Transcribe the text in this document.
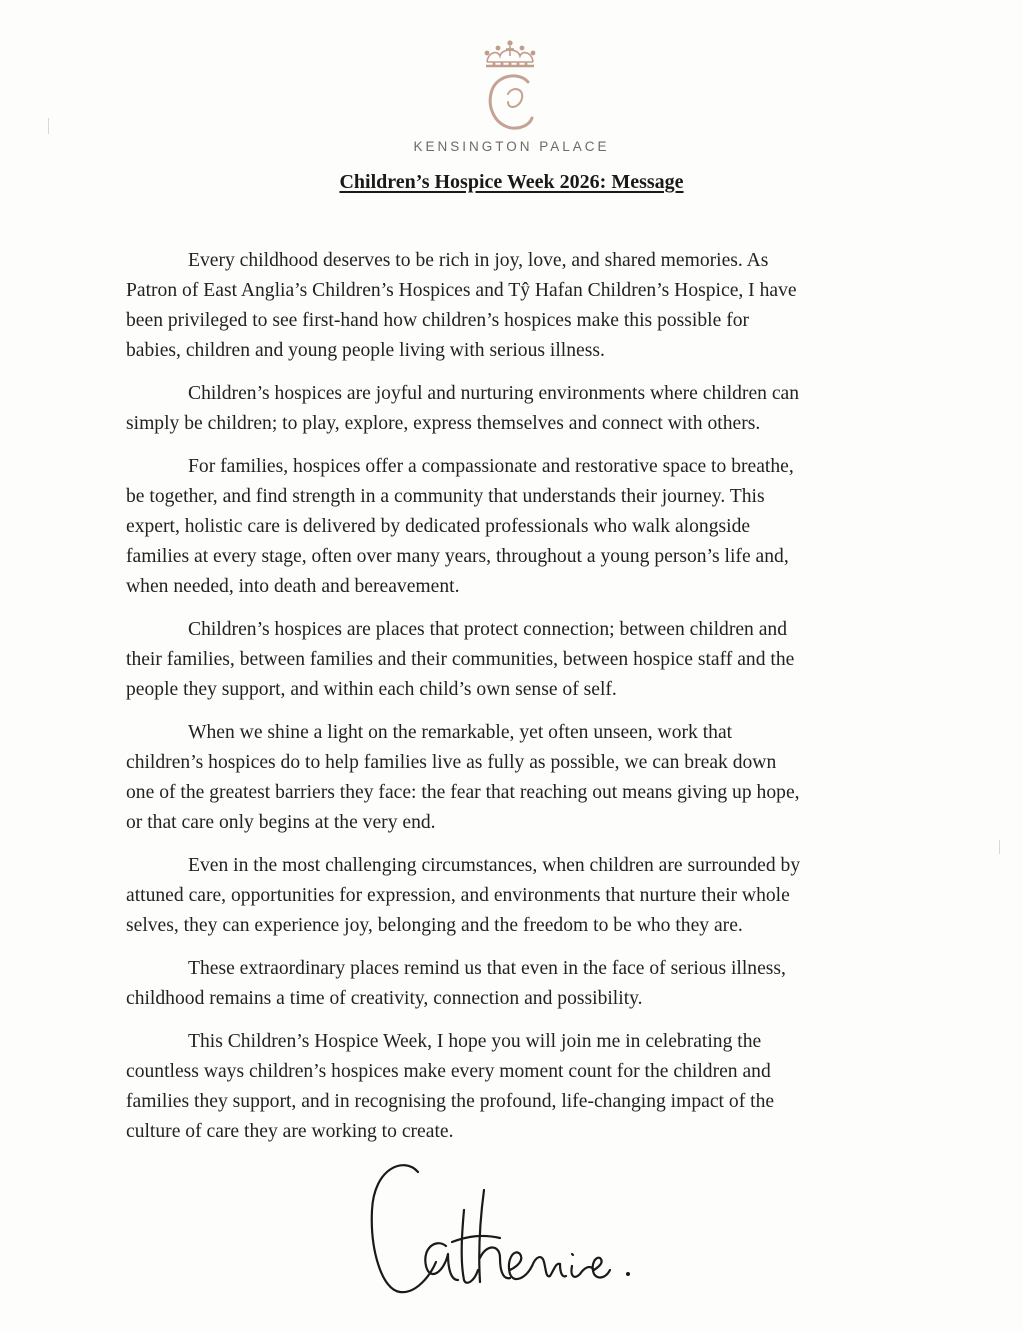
KENSINGTON PALACE
Children’s Hospice Week 2026: Message

Every childhood deserves to be rich in joy, love, and shared memories. As
Patron of East Anglia’s Children’s Hospices and Tŷ Hafan Children’s Hospice, I have
been privileged to see first-hand how children’s hospices make this possible for
babies, children and young people living with serious illness.

Children’s hospices are joyful and nurturing environments where children can
simply be children; to play, explore, express themselves and connect with others.

For families, hospices offer a compassionate and restorative space to breathe,
be together, and find strength in a community that understands their journey. This
expert, holistic care is delivered by dedicated professionals who walk alongside
families at every stage, often over many years, throughout a young person’s life and,
when needed, into death and bereavement.

Children’s hospices are places that protect connection; between children and
their families, between families and their communities, between hospice staff and the
people they support, and within each child’s own sense of self.

When we shine a light on the remarkable, yet often unseen, work that
children’s hospices do to help families live as fully as possible, we can break down
one of the greatest barriers they face: the fear that reaching out means giving up hope,
or that care only begins at the very end.

Even in the most challenging circumstances, when children are surrounded by
attuned care, opportunities for expression, and environments that nurture their whole
selves, they can experience joy, belonging and the freedom to be who they are.

These extraordinary places remind us that even in the face of serious illness,
childhood remains a time of creativity, connection and possibility.

This Children’s Hospice Week, I hope you will join me in celebrating the
countless ways children’s hospices make every moment count for the children and
families they support, and in recognising the profound, life-changing impact of the
culture of care they are working to create.
